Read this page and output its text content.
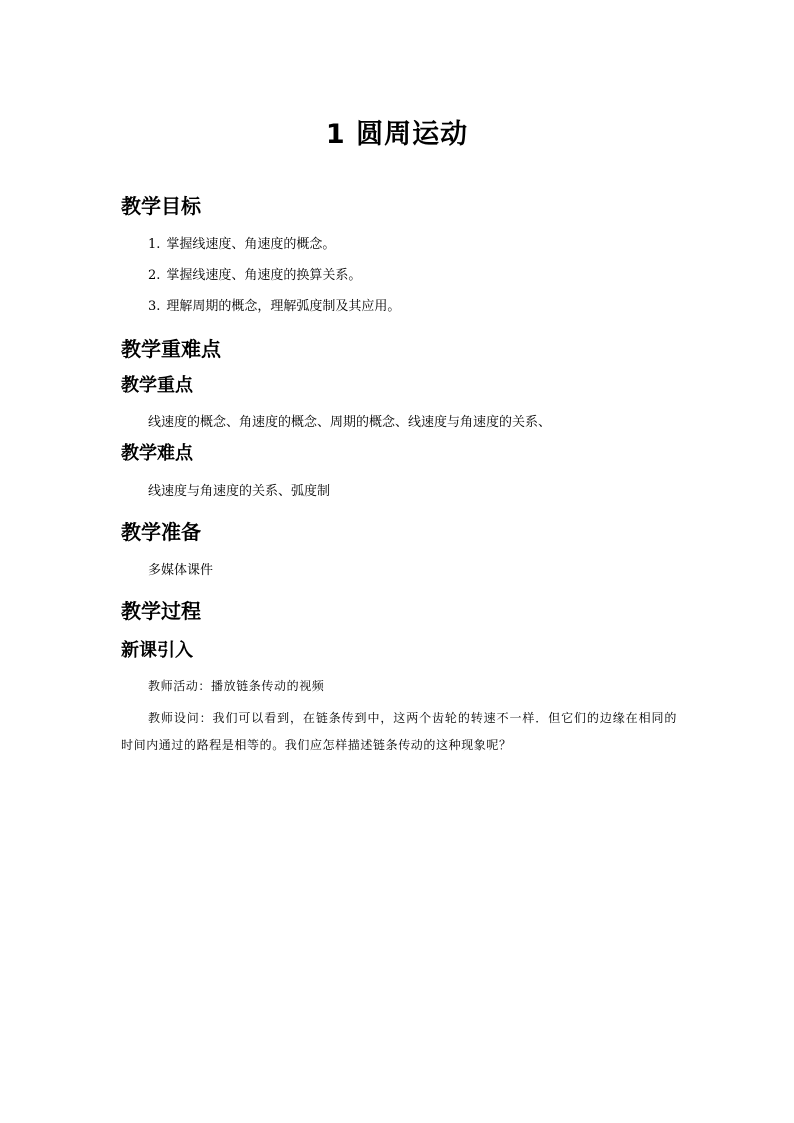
1 圆周运动
教学目标
1. 掌握线速度、角速度的概念。
2. 掌握线速度、角速度的换算关系。
3. 理解周期的概念，理解弧度制及其应用。
教学重难点
教学重点
线速度的概念、角速度的概念、周期的概念、线速度与角速度的关系、
教学难点
线速度与角速度的关系、弧度制
教学准备
多媒体课件
教学过程
新课引入
教师活动：播放链条传动的视频
教师设问：我们可以看到，在链条传到中，这两个齿轮的转速不一样．但它们的边缘在相同的时间内通过的路程是相等的。我们应怎样描述链条传动的这种现象呢？
